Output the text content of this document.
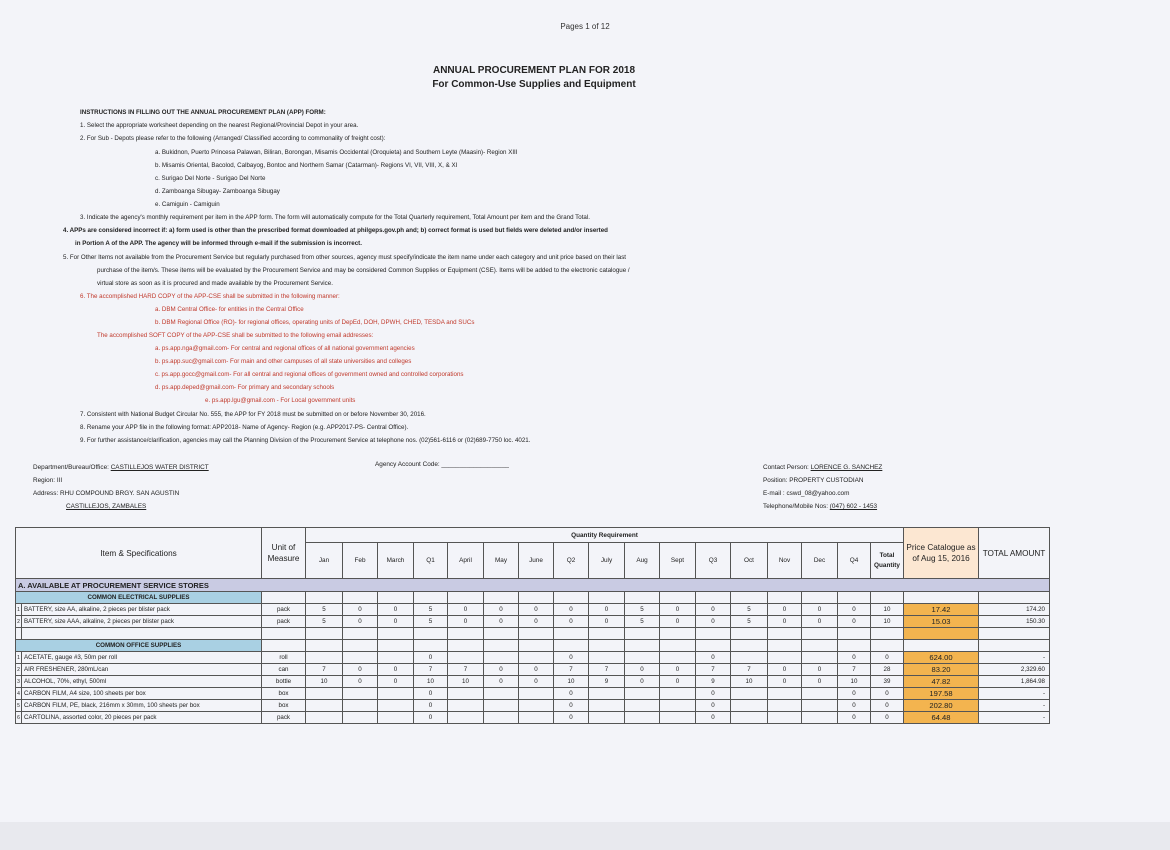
Pages 1 of 12
ANNUAL PROCUREMENT PLAN FOR 2018
For Common-Use Supplies and Equipment
INSTRUCTIONS IN FILLING OUT THE ANNUAL PROCUREMENT PLAN (APP) FORM:
1. Select the appropriate worksheet depending on the nearest Regional/Provincial Depot in your area.
2. For Sub - Depots please refer to the following (Arranged/ Classified according to commonality of freight cost):
a. Bukidnon, Puerto Princesa Palawan, Biliran, Borongan, Misamis Occidental (Oroquieta) and Southern Leyte (Maasin)- Region XIII
b. Misamis Oriental, Bacolod, Calbayog, Bontoc and Northern Samar (Catarman)- Regions VI, VII, VIII, X, & XI
c. Surigao Del Norte - Surigao Del Norte
d. Zamboanga Sibugay- Zamboanga Sibugay
e. Camiguin - Camiguin
3. Indicate the agency's monthly requirement per item in the APP form. The form will automatically compute for the Total Quarterly requirement, Total Amount per item and the Grand Total.
4. APPs are considered incorrect if: a) form used is other than the prescribed format downloaded at philgeps.gov.ph and; b) correct format is used but fields were deleted and/or inserted
in Portion A of the APP. The agency will be informed through e-mail if the submission is incorrect.
5. For Other Items not available from the Procurement Service but regularly purchased from other sources, agency must specify/indicate the item name under each category and unit price based on their last
purchase of the item/s. These items will be evaluated by the Procurement Service and may be considered Common Supplies or Equipment (CSE). Items will be added to the electronic catalogue /
virtual store as soon as it is procured and made available by the Procurement Service.
6. The accomplished HARD COPY of the APP-CSE shall be submitted in the following manner:
a. DBM Central Office- for entities in the Central Office
b. DBM Regional Office (RO)- for regional offices, operating units of DepEd, DOH, DPWH, CHED, TESDA and SUCs
The accomplished SOFT COPY of the APP-CSE shall be submitted to the following email addresses:
a. ps.app.nga@gmail.com- For central and regional offices of all national government agencies
b. ps.app.suc@gmail.com- For main and other campuses of all state universities and colleges
c. ps.app.gocc@gmail.com- For all central and regional offices of government owned and controlled corporations
d. ps.app.deped@gmail.com- For primary and secondary schools
e. ps.app.lgu@gmail.com - For Local government units
7. Consistent with National Budget Circular No. 555, the APP for FY 2018 must be submitted on or before November 30, 2016.
8. Rename your APP file in the following format: APP2018- Name of Agency- Region (e.g. APP2017-PS- Central Office).
9. For further assistance/clarification, agencies may call the Planning Division of the Procurement Service at telephone nos. (02)561-6116 or (02)689-7750 loc. 4021.
Department/Bureau/Office: CASTILLEJOS WATER DISTRICT
Region: III
Address: RHU COMPOUND BRGY. SAN AGUSTIN
CASTILLEJOS, ZAMBALES
Agency Account Code: ___________________	Contact Person: LORENCE G. SANCHEZ
Position: PROPERTY CUSTODIAN
E-mail : cswd_08@yahoo.com
Telephone/Mobile Nos: (047) 602 - 1453
Item & Specifications		Unit of Measure	Quantity Requirement																	Price Catalogue as of Aug 15, 2016	TOTAL AMOUNT
			Jan	Feb	March	Q1	April	May	June	Q2	July	Aug	Sept	Q3	Oct	Nov	Dec	Q4	Total Quantity		
A. AVAILABLE AT PROCUREMENT SERVICE STORES																					
COMMON ELECTRICAL SUPPLIES																					
1	BATTERY, size AA, alkaline, 2 pieces per blister pack	pack	5	0	0	5	0	0	0	0	0	5	0	0	5	0	0	0	10	17.42	174.20
2	BATTERY, size AAA, alkaline, 2 pieces per blister pack	pack	5	0	0	5	0	0	0	0	0	5	0	0	5	0	0	0	10	15.03	150.30

COMMON OFFICE SUPPLIES																					
1	ACETATE, gauge #3, 50m per roll	roll				0				0				0				0	0	624.00	-
2	AIR FRESHENER, 280mL/can	can	7	0	0	7	7	0	0	7	7	0	0	7	7	0	0	7	28	83.20	2,329.60
3	ALCOHOL, 70%, ethyl, 500ml	bottle	10	0	0	10	10	0	0	10	9	0	0	9	10	0	0	10	39	47.82	1,864.98
4	CARBON FILM, A4 size, 100 sheets per box	box				0				0				0				0	0	197.58	-
5	CARBON FILM, PE, black, 216mm x 30mm, 100 sheets per box	box				0				0				0				0	0	202.80	-
6	CARTOLINA, assorted color, 20 pieces per pack	pack				0				0				0				0	0	64.48	-
